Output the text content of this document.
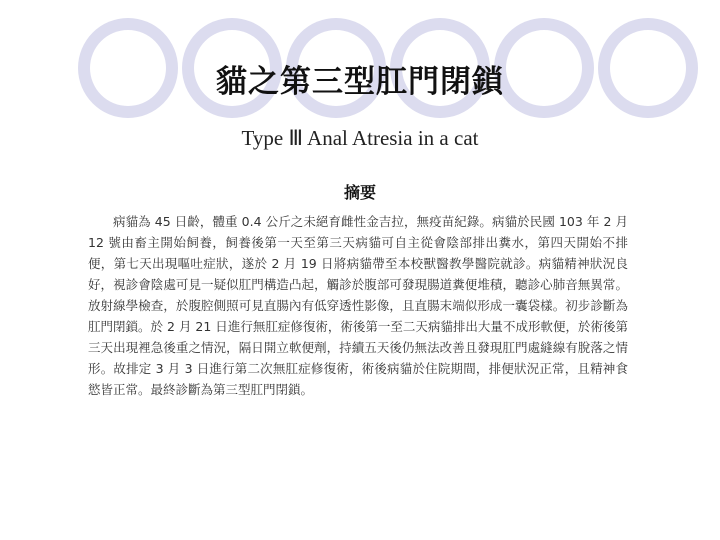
貓之第三型肛門閉鎖
Type Ⅲ Anal Atresia in a cat
摘要

病貓為 45 日齡，體重 0.4 公斤之未絕育雌性金吉拉，無疫苗紀錄。病貓於民國 103 年 2 月 12 號由畜主開始飼養，飼養後第一天至第三天病貓可自主從會陰部排出糞水，第四天開始不排便，第七天出現嘔吐症狀，遂於 2 月 19 日將病貓帶至本校獸醫教學醫院就診。病貓精神狀況良好，視診會陰處可見一疑似肛門構造凸起，觸診於腹部可發現腸道糞便堆積，聽診心肺音無異常。放射線學檢查，於腹腔側照可見直腸內有低穿透性影像，且直腸末端似形成一囊袋樣。初步診斷為肛門閉鎖。於 2 月 21 日進行無肛症修復術，術後第一至二天病貓排出大量不成形軟便，於術後第三天出現裡急後重之情況，隔日開立軟便劑，持續五天後仍無法改善且發現肛門處縫線有脫落之情形。故排定 3 月 3 日進行第二次無肛症修復術，術後病貓於住院期間，排便狀況正常，且精神食慾皆正常。最終診斷為第三型肛門閉鎖。
